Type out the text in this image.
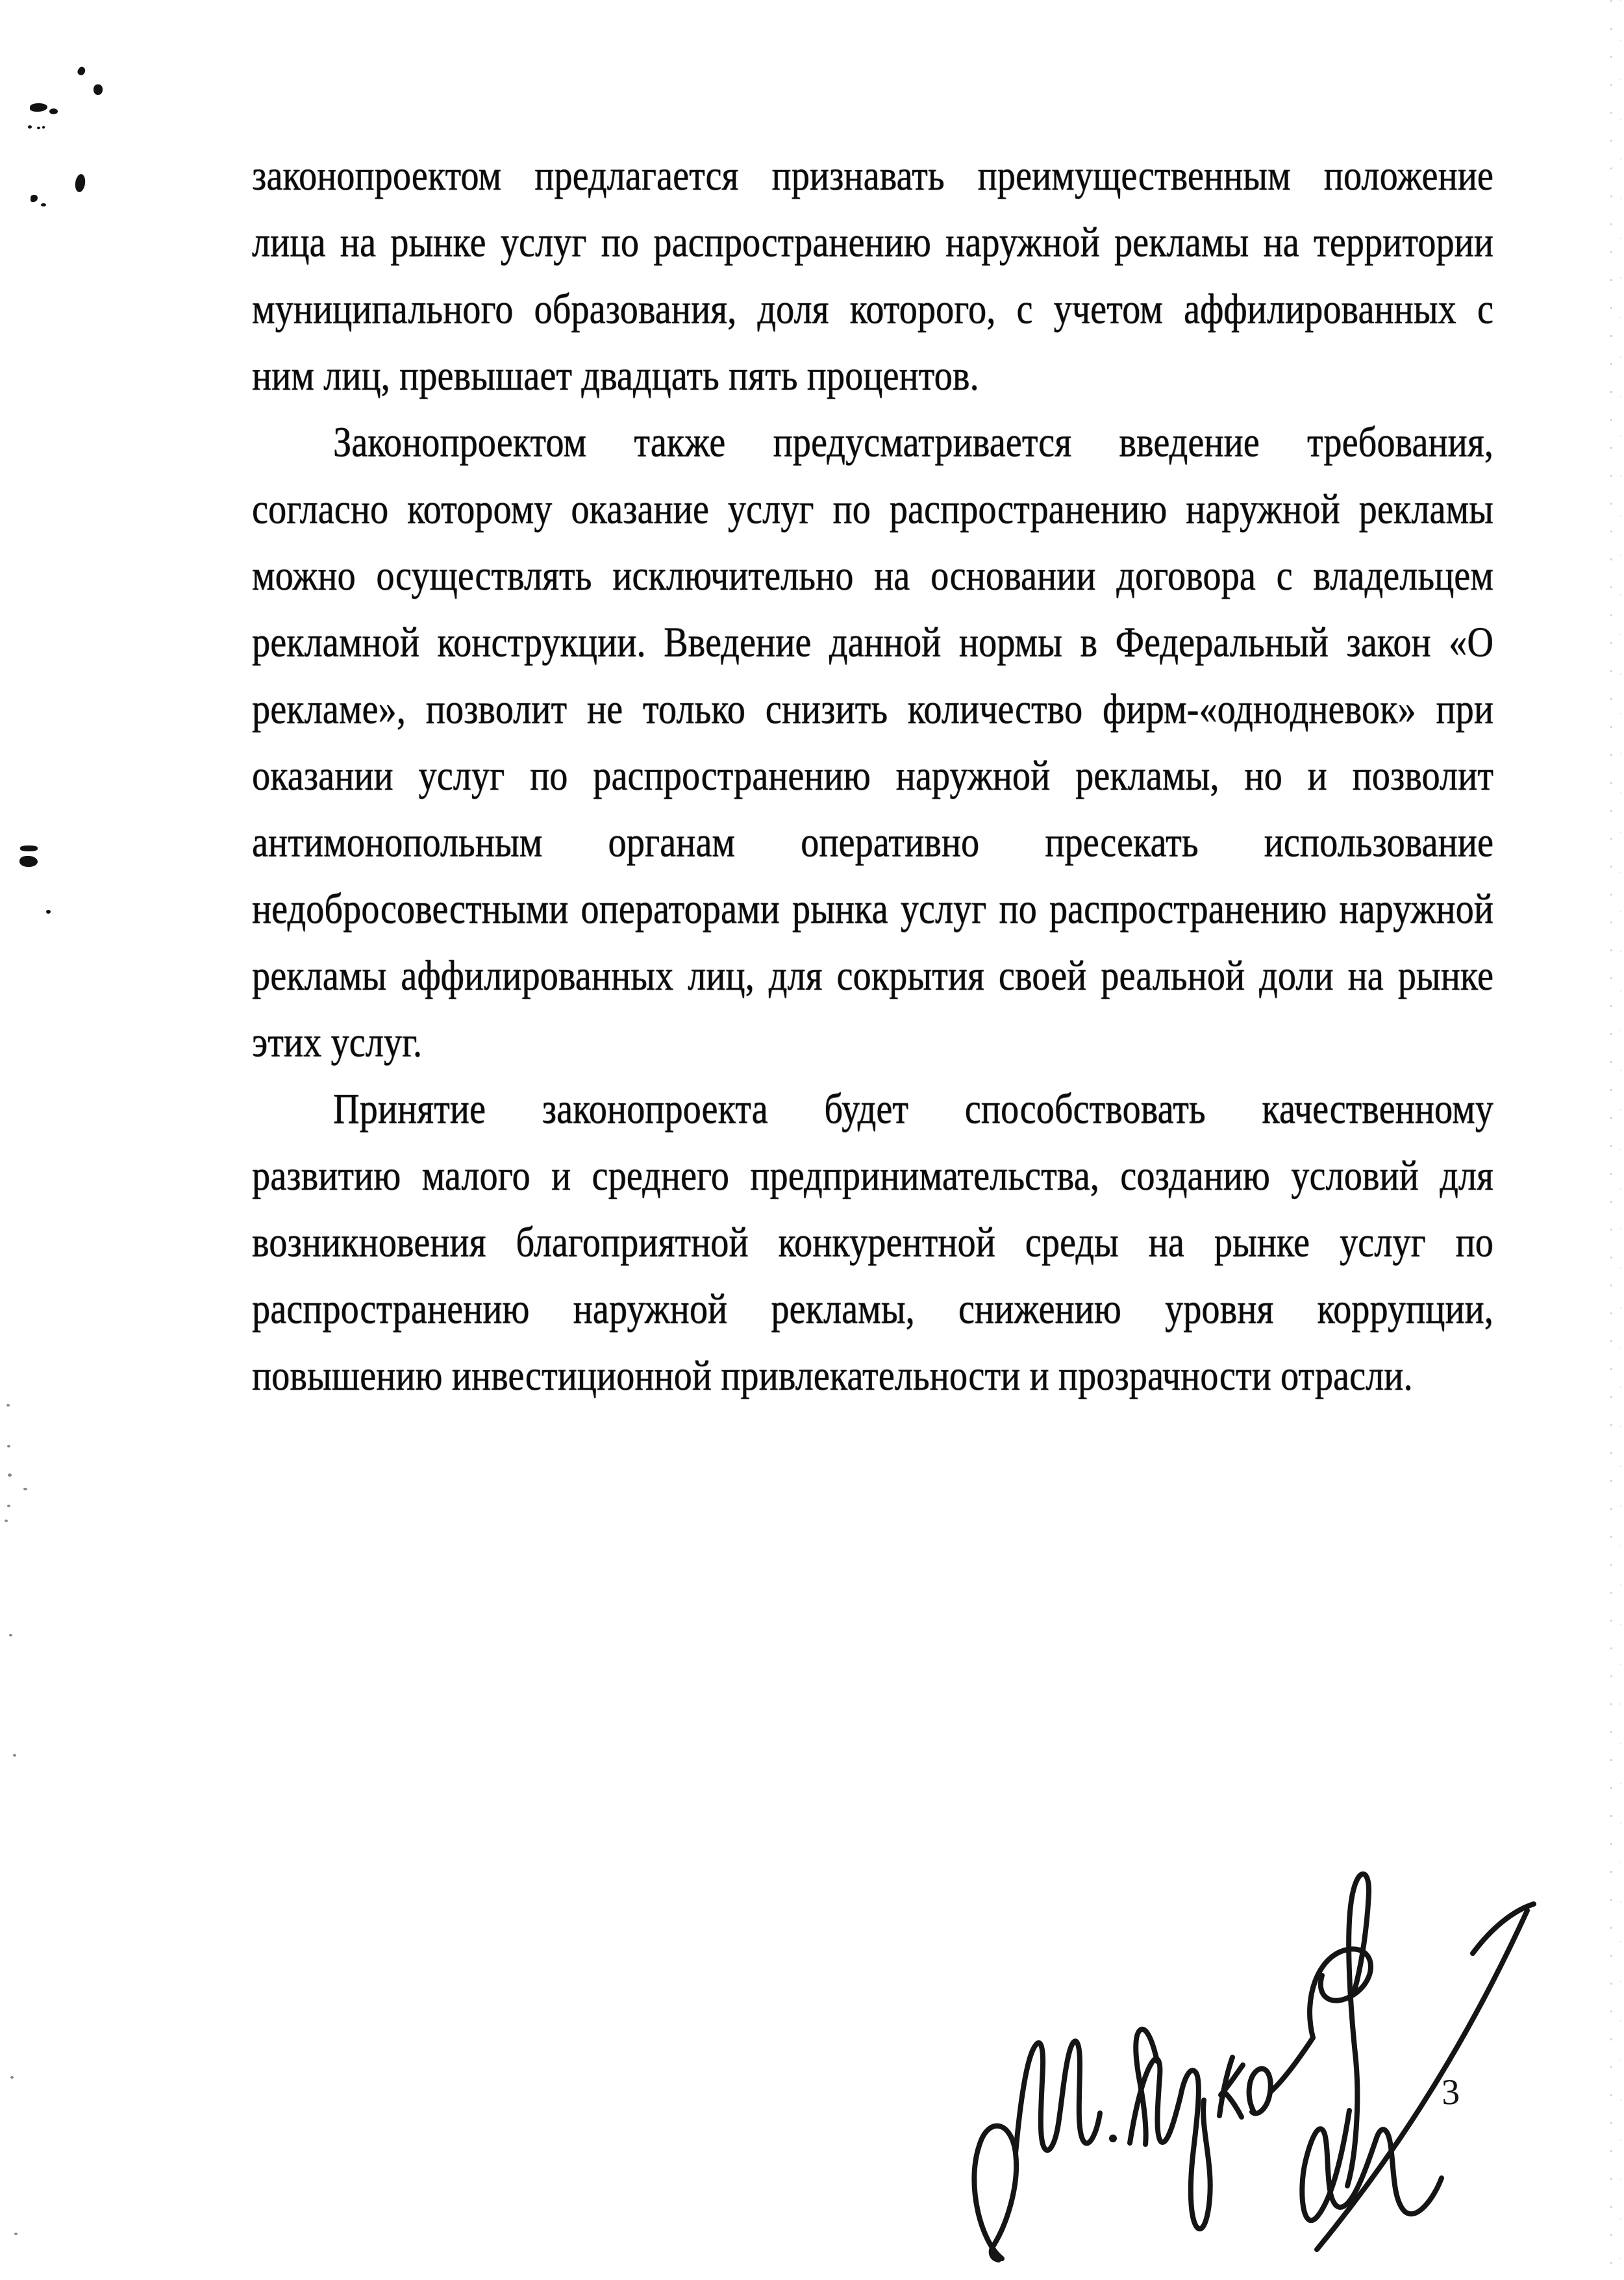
законопроектом предлагается признавать преимущественным положение
лица на рынке услуг по распространению наружной рекламы на территории
муниципального образования, доля которого, с учетом аффилированных с
ним лиц, превышает двадцать пять процентов.
Законопроектом также предусматривается введение требования,
согласно которому оказание услуг по распространению наружной рекламы
можно осуществлять исключительно на основании договора с владельцем
рекламной конструкции. Введение данной нормы в Федеральный закон «О
рекламе», позволит не только снизить количество фирм-«однодневок» при
оказании услуг по распространению наружной рекламы, но и позволит
антимонопольным органам оперативно пресекать использование
недобросовестными операторами рынка услуг по распространению наружной
рекламы аффилированных лиц, для сокрытия своей реальной доли на рынке
этих услуг.
Принятие законопроекта будет способствовать качественному
развитию малого и среднего предпринимательства, созданию условий для
возникновения благоприятной конкурентной среды на рынке услуг по
распространению наружной рекламы, снижению уровня коррупции,
повышению инвестиционной привлекательности и прозрачности отрасли.
3
